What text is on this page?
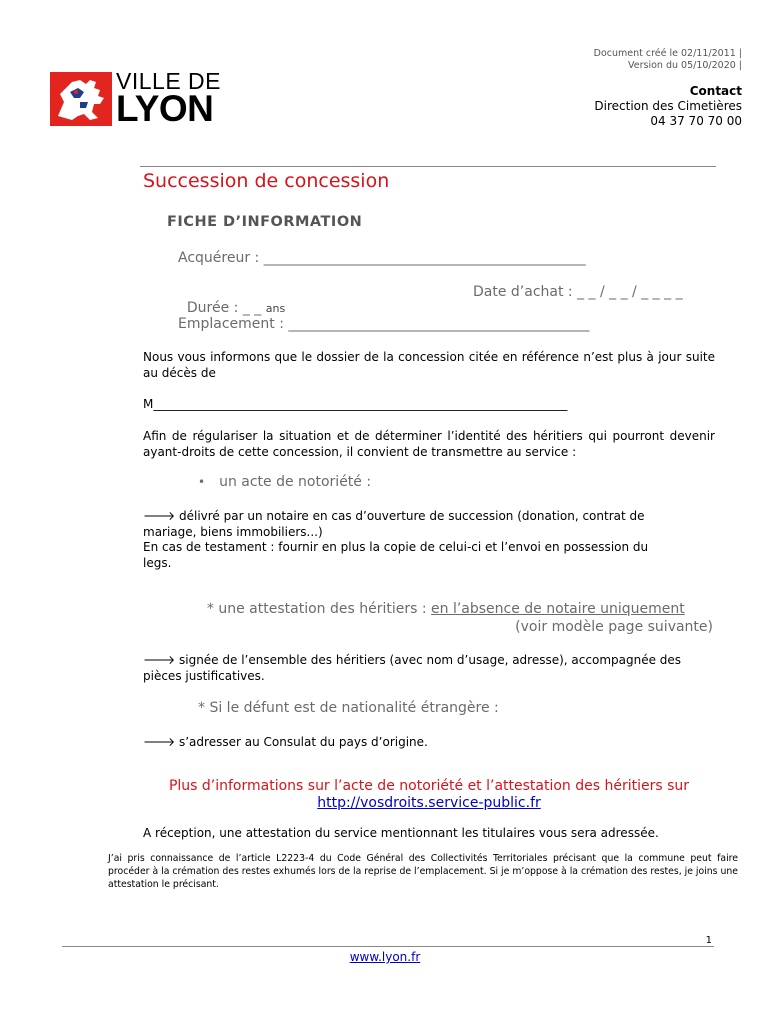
Document créé le 02/11/2011 |
Version du 05/10/2020 |
Contact
Direction des Cimetières
04 37 70 70 00
VILLE DE
LYON
Succession de concession
FICHE D’INFORMATION
Acquéreur : ______________________________________________

Durée : _ _ ans

Date d’achat : _ _ / _ _ / _ _ _ _
Emplacement : ___________________________________________
Nous vous informons que le dossier de la concession citée en référence n’est plus à jour suite au décès de
M_____________________________________________________________________
Afin de régulariser la situation et de déterminer l’identité des héritiers qui pourront devenir ayant-droits de cette concession, il convient de transmettre au service :
• un acte de notoriété :
🡒 délivré par un notaire en cas d’ouverture de succession (donation, contrat de
mariage, biens immobiliers...)
En cas de testament : fournir en plus la copie de celui-ci et l’envoi en possession du
legs.

* une attestation des héritiers : en l’absence de notaire uniquement

(voir modèle page suivante)
🡒 signée de l’ensemble des héritiers (avec nom d’usage, adresse), accompagnée des
pièces justificatives.
* Si le défunt est de nationalité étrangère :
🡒 s’adresser au Consulat du pays d’origine.
Plus d’informations sur l’acte de notoriété et l’attestation des héritiers sur
http://vosdroits.service-public.fr
A réception, une attestation du service mentionnant les titulaires vous sera adressée.
J’ai pris connaissance de l’article L2223-4 du Code Général des Collectivités Territoriales précisant que la commune peut faire procéder à la crémation des restes exhumés lors de la reprise de l’emplacement. Si je m’oppose à la crémation des restes, je joins une attestation le précisant.
1
www.lyon.fr
